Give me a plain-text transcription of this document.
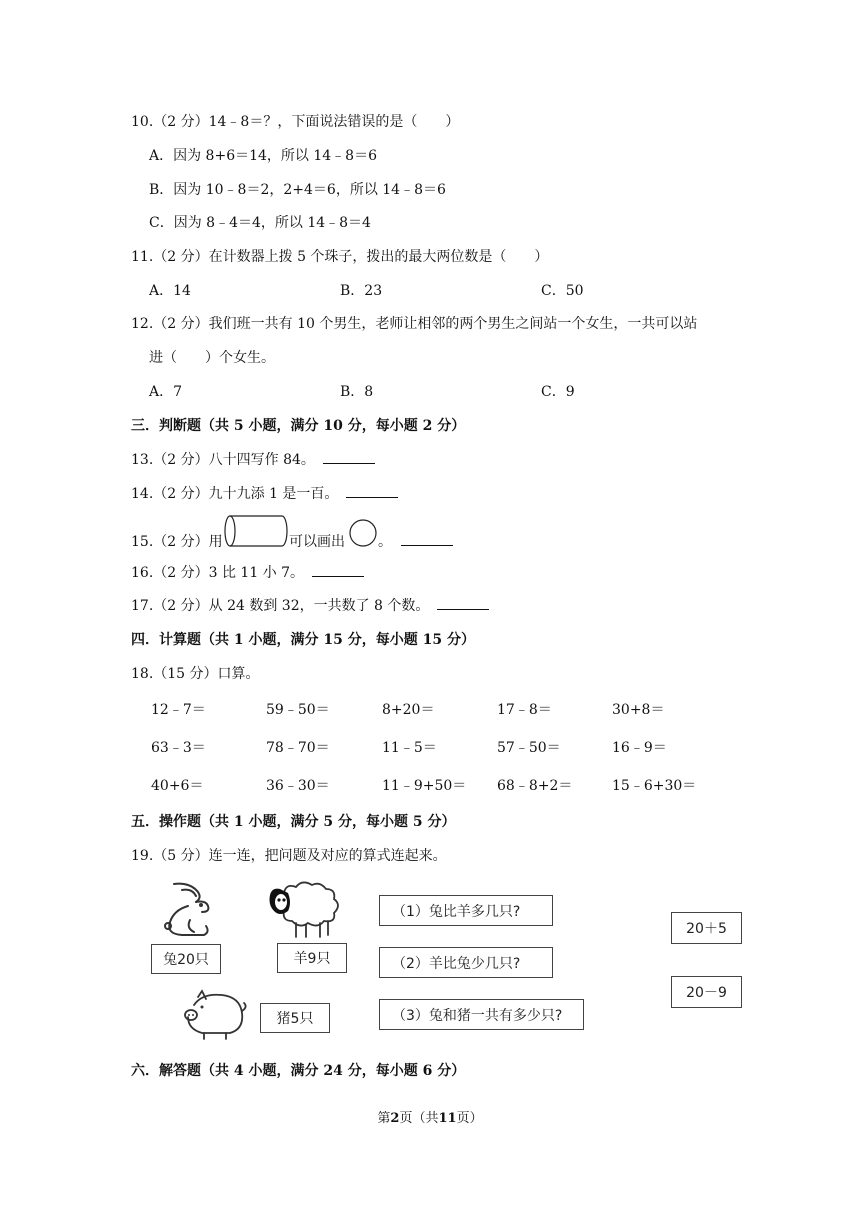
10.（2 分）14﹣8＝？，下面说法错误的是（　　）
A．因为 8+6＝14，所以 14﹣8＝6
B．因为 10﹣8＝2，2+4＝6，所以 14﹣8＝6
C．因为 8﹣4＝4，所以 14﹣8＝4
11.（2 分）在计数器上拨 5 个珠子，拨出的最大两位数是（　　）
A．14	B．23	C．50
12.（2 分）我们班一共有 10 个男生，老师让相邻的两个男生之间站一个女生，一共可以站
进（　　）个女生。
A．7	B．8	C．9
三．判断题（共 5 小题，满分 10 分，每小题 2 分）
13.（2 分）八十四写作 84。
14.（2 分）九十九添 1 是一百。
15.（2 分）用	可以画出 。
16.（2 分）3 比 11 小 7。
17.（2 分）从 24 数到 32，一共数了 8 个数。
四．计算题（共 1 小题，满分 15 分，每小题 15 分）
18.（15 分）口算。
12﹣7＝	59﹣50＝	8+20＝	17﹣8＝	30+8＝
63﹣3＝	78﹣70＝	11﹣5＝	57﹣50＝	16﹣9＝
40+6＝	36﹣30＝	11﹣9+50＝ 68﹣8+2＝	15﹣6+30＝
五．操作题（共 1 小题，满分 5 分，每小题 5 分）
19.（5 分）连一连，把问题及对应的算式连起来。
兔20只	羊9只
猪5只
（1）兔比羊多几只?
（2）羊比兔少几只?
（3）兔和猪一共有多少只?
20＋5
20－9
六．解答题（共 4 小题，满分 24 分，每小题 6 分）
第2页（共11页）
